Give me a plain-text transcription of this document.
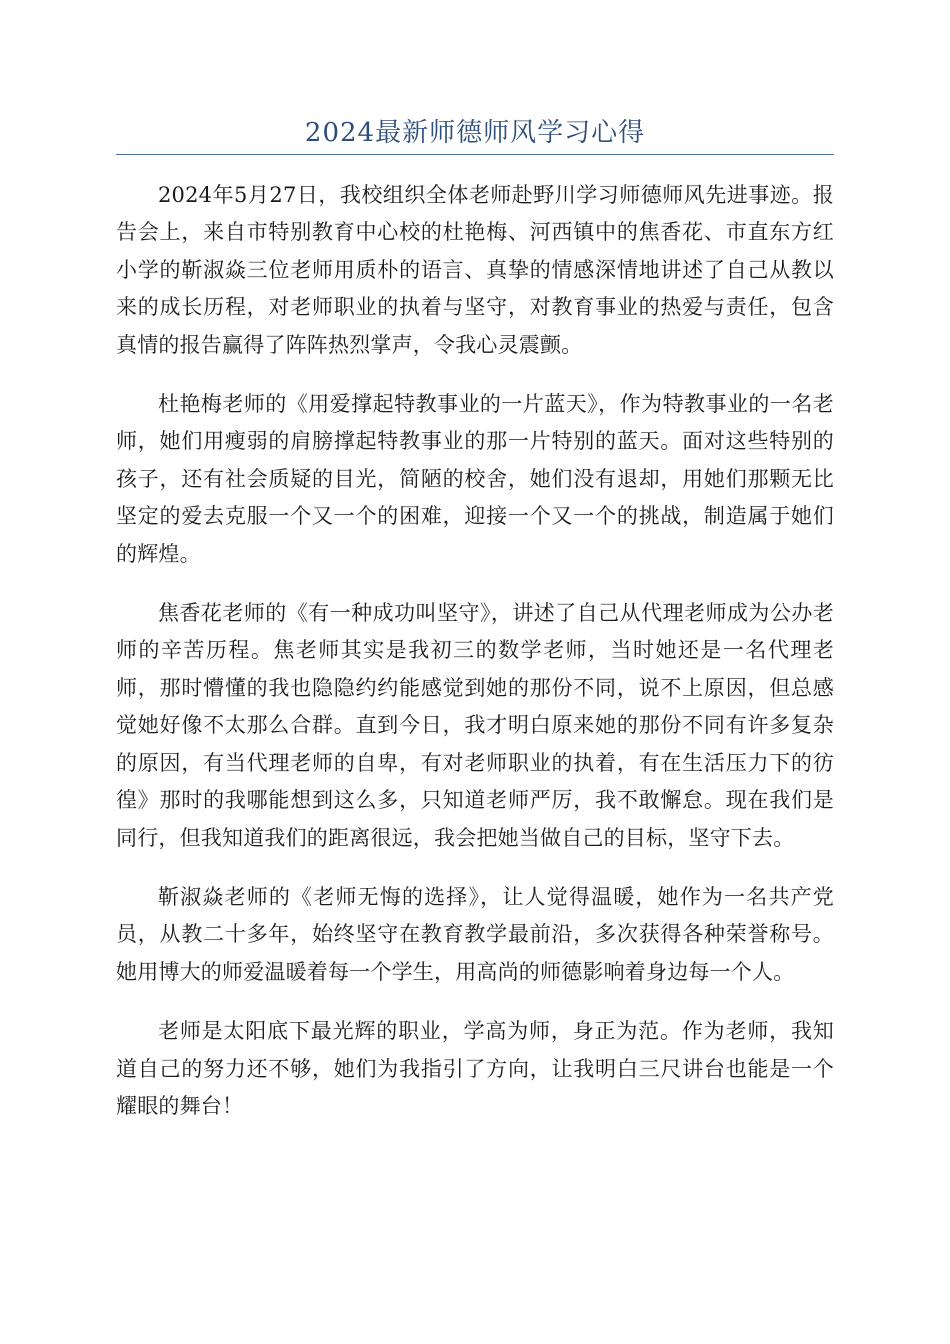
2024最新师德师风学习心得

2024年5月27日，我校组织全体老师赴野川学习师德师风先进事迹。报告会上，来自市特别教育中心校的杜艳梅、河西镇中的焦香花、市直东方红小学的靳淑焱三位老师用质朴的语言、真挚的情感深情地讲述了自己从教以来的成长历程，对老师职业的执着与坚守，对教育事业的热爱与责任，包含真情的报告赢得了阵阵热烈掌声，令我心灵震颤。

杜艳梅老师的《用爱撑起特教事业的一片蓝天》，作为特教事业的一名老师，她们用瘦弱的肩膀撑起特教事业的那一片特别的蓝天。面对这些特别的孩子，还有社会质疑的目光，简陋的校舍，她们没有退却，用她们那颗无比坚定的爱去克服一个又一个的困难，迎接一个又一个的挑战，制造属于她们的辉煌。

焦香花老师的《有一种成功叫坚守》，讲述了自己从代理老师成为公办老师的辛苦历程。焦老师其实是我初三的数学老师，当时她还是一名代理老师，那时懵懂的我也隐隐约约能感觉到她的那份不同，说不上原因，但总感觉她好像不太那么合群。直到今日，我才明白原来她的那份不同有许多复杂的原因，有当代理老师的自卑，有对老师职业的执着，有在生活压力下的彷徨》那时的我哪能想到这么多，只知道老师严厉，我不敢懈怠。现在我们是同行，但我知道我们的距离很远，我会把她当做自己的目标，坚守下去。

靳淑焱老师的《老师无悔的选择》，让人觉得温暖，她作为一名共产党员，从教二十多年，始终坚守在教育教学最前沿，多次获得各种荣誉称号。她用博大的师爱温暖着每一个学生，用高尚的师德影响着身边每一个人。

老师是太阳底下最光辉的职业，学高为师，身正为范。作为老师，我知道自己的努力还不够，她们为我指引了方向，让我明白三尺讲台也能是一个耀眼的舞台！
